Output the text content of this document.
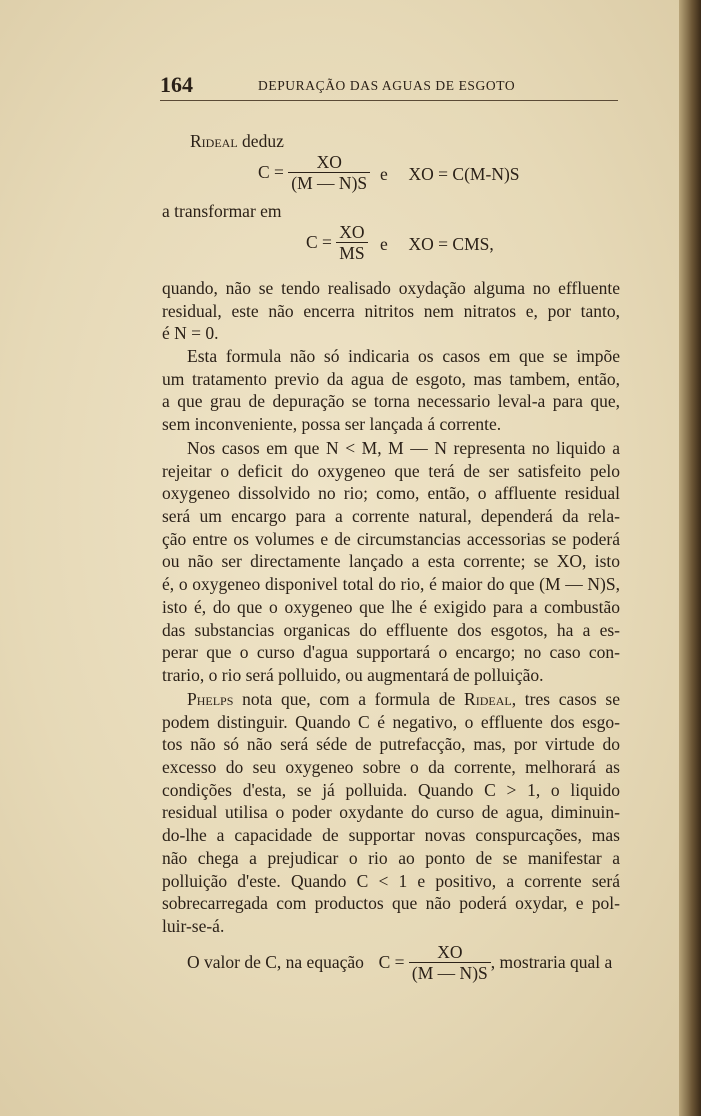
164	DEPURAÇÃO DAS AGUAS DE ESGOTO
Rideal deduz
$C = \frac{XO}{(M — N)S}$ e XO = C(M-N)S
a transformar em
$C = \frac{XO}{MS}$ e XO = CMS,
quando, não se tendo realisado oxydação alguma no effluente
residual, este não encerra nitritos nem nitratos e, por tanto,
é N = 0.
Esta formula não só indicaria os casos em que se impõe
um tratamento previo da agua de esgoto, mas tambem, então,
a que grau de depuração se torna necessario leval-a para que,
sem inconveniente, possa ser lançada á corrente.
Nos casos em que N < M, M — N representa no liquido a
rejeitar o deficit do oxygeneo que terá de ser satisfeito pelo
oxygeneo dissolvido no rio; como, então, o affluente residual
será um encargo para a corrente natural, dependerá da rela-
ção entre os volumes e de circumstancias accessorias se poderá
ou não ser directamente lançado a esta corrente; se XO, isto
é, o oxygeneo disponivel total do rio, é maior do que (M — N)S,
isto é, do que o oxygeneo que lhe é exigido para a combustão
das substancias organicas do effluente dos esgotos, ha a es-
perar que o curso d'agua supportará o encargo; no caso con-
trario, o rio será polluido, ou augmentará de polluição.
Phelps nota que, com a formula de Rideal, tres casos se
podem distinguir. Quando C é negativo, o effluente dos esgo-
tos não só não será séde de putrefacção, mas, por virtude do
excesso do seu oxygeneo sobre o da corrente, melhorará as
condições d'esta, se já polluida. Quando C > 1, o liquido
residual utilisa o poder oxydante do curso de agua, diminuin-
do-lhe a capacidade de supportar novas conspurcações, mas
não chega a prejudicar o rio ao ponto de se manifestar a
polluição d'este. Quando C < 1 e positivo, a corrente será
sobrecarregada com productos que não poderá oxydar, e pol-
luir-se-á.
O valor de C, na equação $C = \frac{XO}{(M — N)S}$ , mostraria qual a
